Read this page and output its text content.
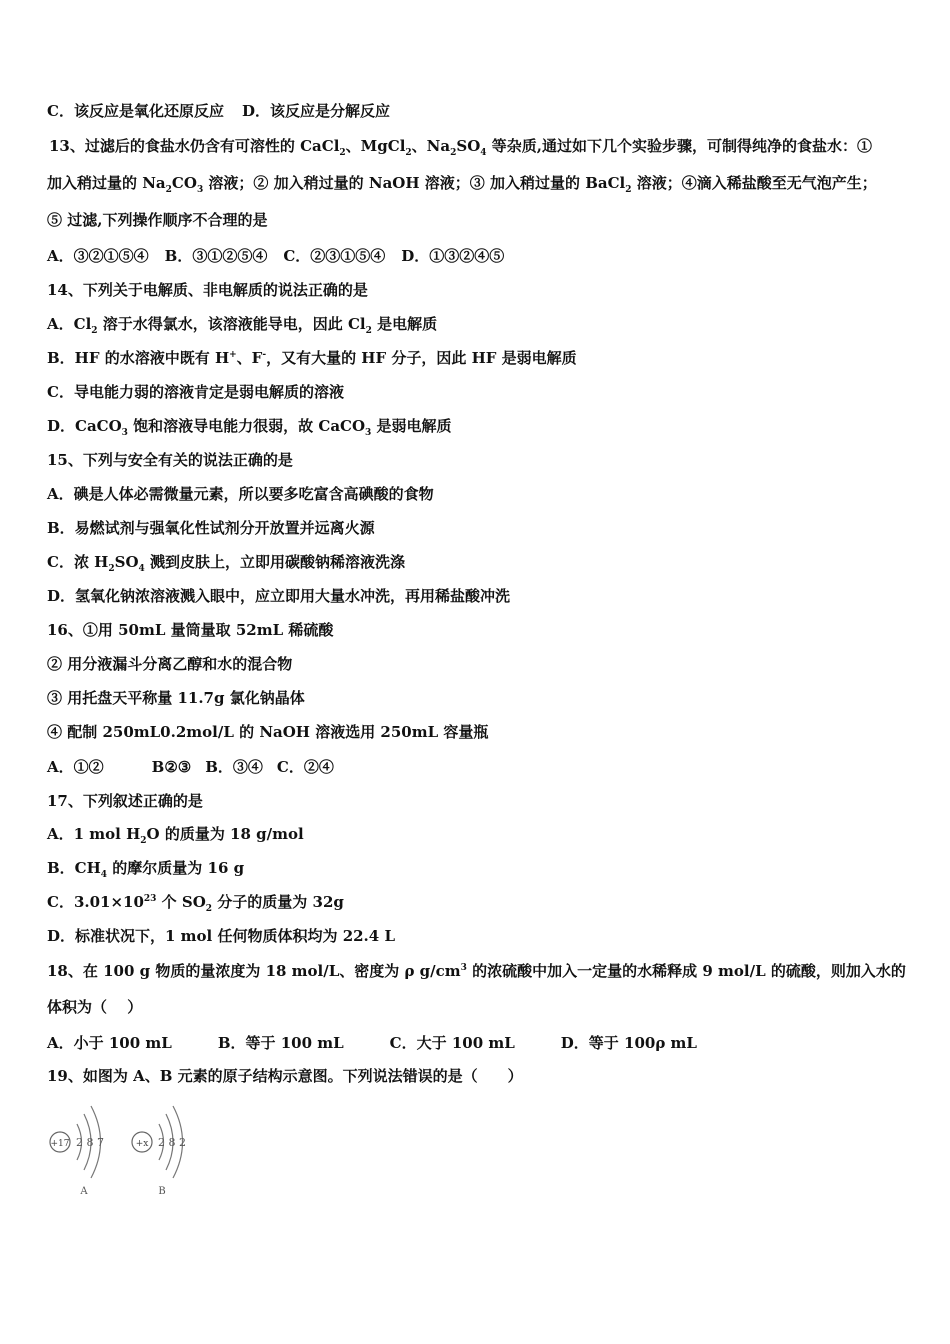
C．该反应是氧化还原反应 D．该反应是分解反应
13、过滤后的食盐水仍含有可溶性的 CaCl$_2$、MgCl$_2$、$Na_2SO_4$ 等杂质,通过如下几个实验步骤，可制得纯净的食盐水：①
加入稍过量的 $Na_2CO_3$ 溶液；② 加入稍过量的 NaOH 溶液；③ 加入稍过量的 BaCl$_2$ 溶液；④滴入稀盐酸至无气泡产生；
⑤ 过滤,下列操作顺序不合理的是
A．③②①⑤④ B．③①②⑤④ C．②③①⑤④ D．①③②④⑤
14、下列关于电解质、非电解质的说法正确的是
A．$Cl_2$ 溶于水得氯水，该溶液能导电，因此 $Cl_2$ 是电解质
B．HF 的水溶液中既有 H+、F-，又有大量的 HF 分子，因此 HF 是弱电解质
C．导电能力弱的溶液肯定是弱电解质的溶液
D．CaCO$_3$ 饱和溶液导电能力很弱，故 CaCO$_3$ 是弱电解质
15、下列与安全有关的说法正确的是
A．碘是人体必需微量元素，所以要多吃富含高碘酸的食物
B．易燃试剂与强氧化性试剂分开放置并远离火源
C．浓 $H_2SO_4$ 溅到皮肤上，立即用碳酸钠稀溶液洗涤
D．氢氧化钠浓溶液溅入眼中，应立即用大量水冲洗，再用稀盐酸冲洗
16、①用 50mL 量筒量取 52mL 稀硫酸
② 用分液漏斗分离乙醇和水的混合物
③ 用托盘天平称量 11.7g 氯化钠晶体
④ 配制 250mL0.2mol/L 的 NaOH 溶液选用 250mL 容量瓶
A．①②	B②③ B．③④ C．②④
17、下列叙述正确的是
A．1 mol $H_2O$ 的质量为 18 g/mol
B．$CH_4$ 的摩尔质量为 16 g
C．$3.01\times 10^{23}$ 个 $SO_2$ 分子的质量为 32g
D．标准状况下，1 mol 任何物质体积均为 22.4 L
18、在 100 g 物质的量浓度为 18 mol/L、密度为 ρ $g/cm^3$ 的浓硫酸中加入一定量的水稀释成 9 mol/L 的硫酸，则加入水的
体积为（　 ）
A．小于 100 mL	B．等于 100 mL	C．大于 100 mL	D．等于 100ρ mL
19、如图为 A、B 元素的原子结构示意图。下列说法错误的是（　　）
+17 2 8 7
A
+x 2 8 2
B
